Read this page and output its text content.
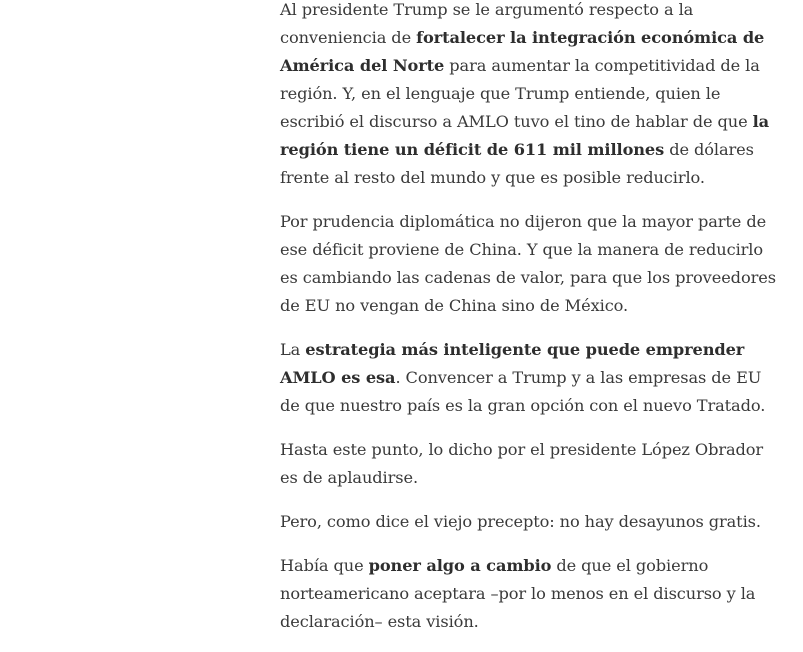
Al presidente Trump se le argumentó respecto a la conveniencia de fortalecer la integración económica de América del Norte para aumentar la competitividad de la región. Y, en el lenguaje que Trump entiende, quien le escribió el discurso a AMLO tuvo el tino de hablar de que la región tiene un déficit de 611 mil millones de dólares frente al resto del mundo y que es posible reducirlo.

Por prudencia diplomática no dijeron que la mayor parte de ese déficit proviene de China. Y que la manera de reducirlo es cambiando las cadenas de valor, para que los proveedores de EU no vengan de China sino de México.

La estrategia más inteligente que puede emprender AMLO es esa. Convencer a Trump y a las empresas de EU de que nuestro país es la gran opción con el nuevo Tratado.

Hasta este punto, lo dicho por el presidente López Obrador es de aplaudirse.

Pero, como dice el viejo precepto: no hay desayunos gratis.

Había que poner algo a cambio de que el gobierno norteamericano aceptara –por lo menos en el discurso y la declaración– esta visión.
